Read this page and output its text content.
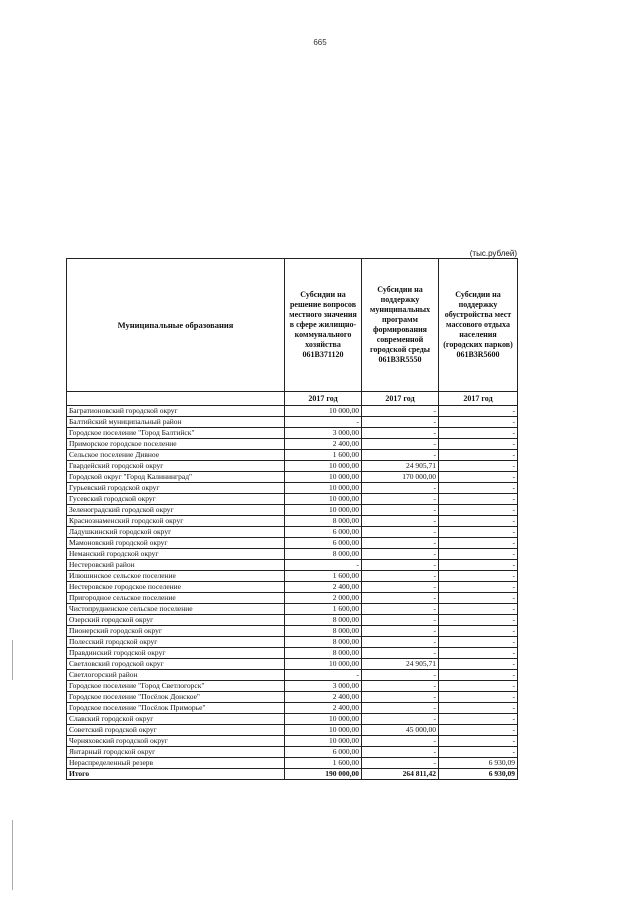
665
(тыс.рублей)
Муниципальные образования	Субсидии на решение вопросов местного значения в сфере жилищно-коммунального хозяйства 061В371120	Субсидии на поддержку муниципальных программ формирования современной городской среды 061В3R5550	Субсидии на поддержку обустройства мест массового отдыха населения (городских парков) 061В3R5600
	2017 год	2017 год	2017 год
Багратионовский городской округ	10 000,00	-	-
Балтийский муниципальный район	-	-	-
Городское поселение "Город Балтийск"	3 000,00	-	-
Приморское городское поселение	2 400,00	-	-
Сельское поселение Дивное	1 600,00	-	-
Гвардейский городской округ	10 000,00	24 905,71	-
Городской округ "Город Калининград"	10 000,00	170 000,00	-
Гурьевский городской округ	10 000,00	-	-
Гусевский городской округ	10 000,00	-	-
Зеленоградский городской округ	10 000,00	-	-
Краснознаменский городской округ	8 000,00	-	-
Ладушкинский городской округ	6 000,00	-	-
Мамоновский городской округ	6 000,00	-	-
Неманский городской округ	8 000,00	-	-
Нестеровский район	-	-	-
Илюшинское сельское поселение	1 600,00	-	-
Нестеровское городское поселение	2 400,00	-	-
Пригородное сельское поселение	2 000,00	-	-
Чистопрудненское сельское поселение	1 600,00	-	-
Озерский городской округ	8 000,00	-	-
Пионерский городской округ	8 000,00	-	-
Полесский городской округ	8 000,00	-	-
Правдинский городской округ	8 000,00	-	-
Светловский городской округ	10 000,00	24 905,71	-
Светлогорский район	-	-	-
Городское поселение "Город Светлогорск"	3 000,00	-	-
Городское поселение "Посёлок Донское"	2 400,00	-	-
Городское поселение "Посёлок Приморье"	2 400,00	-	-
Славский городской округ	10 000,00	-	-
Советский городской округ	10 000,00	45 000,00	-
Черняховский городской округ	10 000,00	-	-
Янтарный городской округ	6 000,00	-	-
Нераспределенный резерв	1 600,00	-	6 930,09
Итого	190 000,00	264 811,42	6 930,09
